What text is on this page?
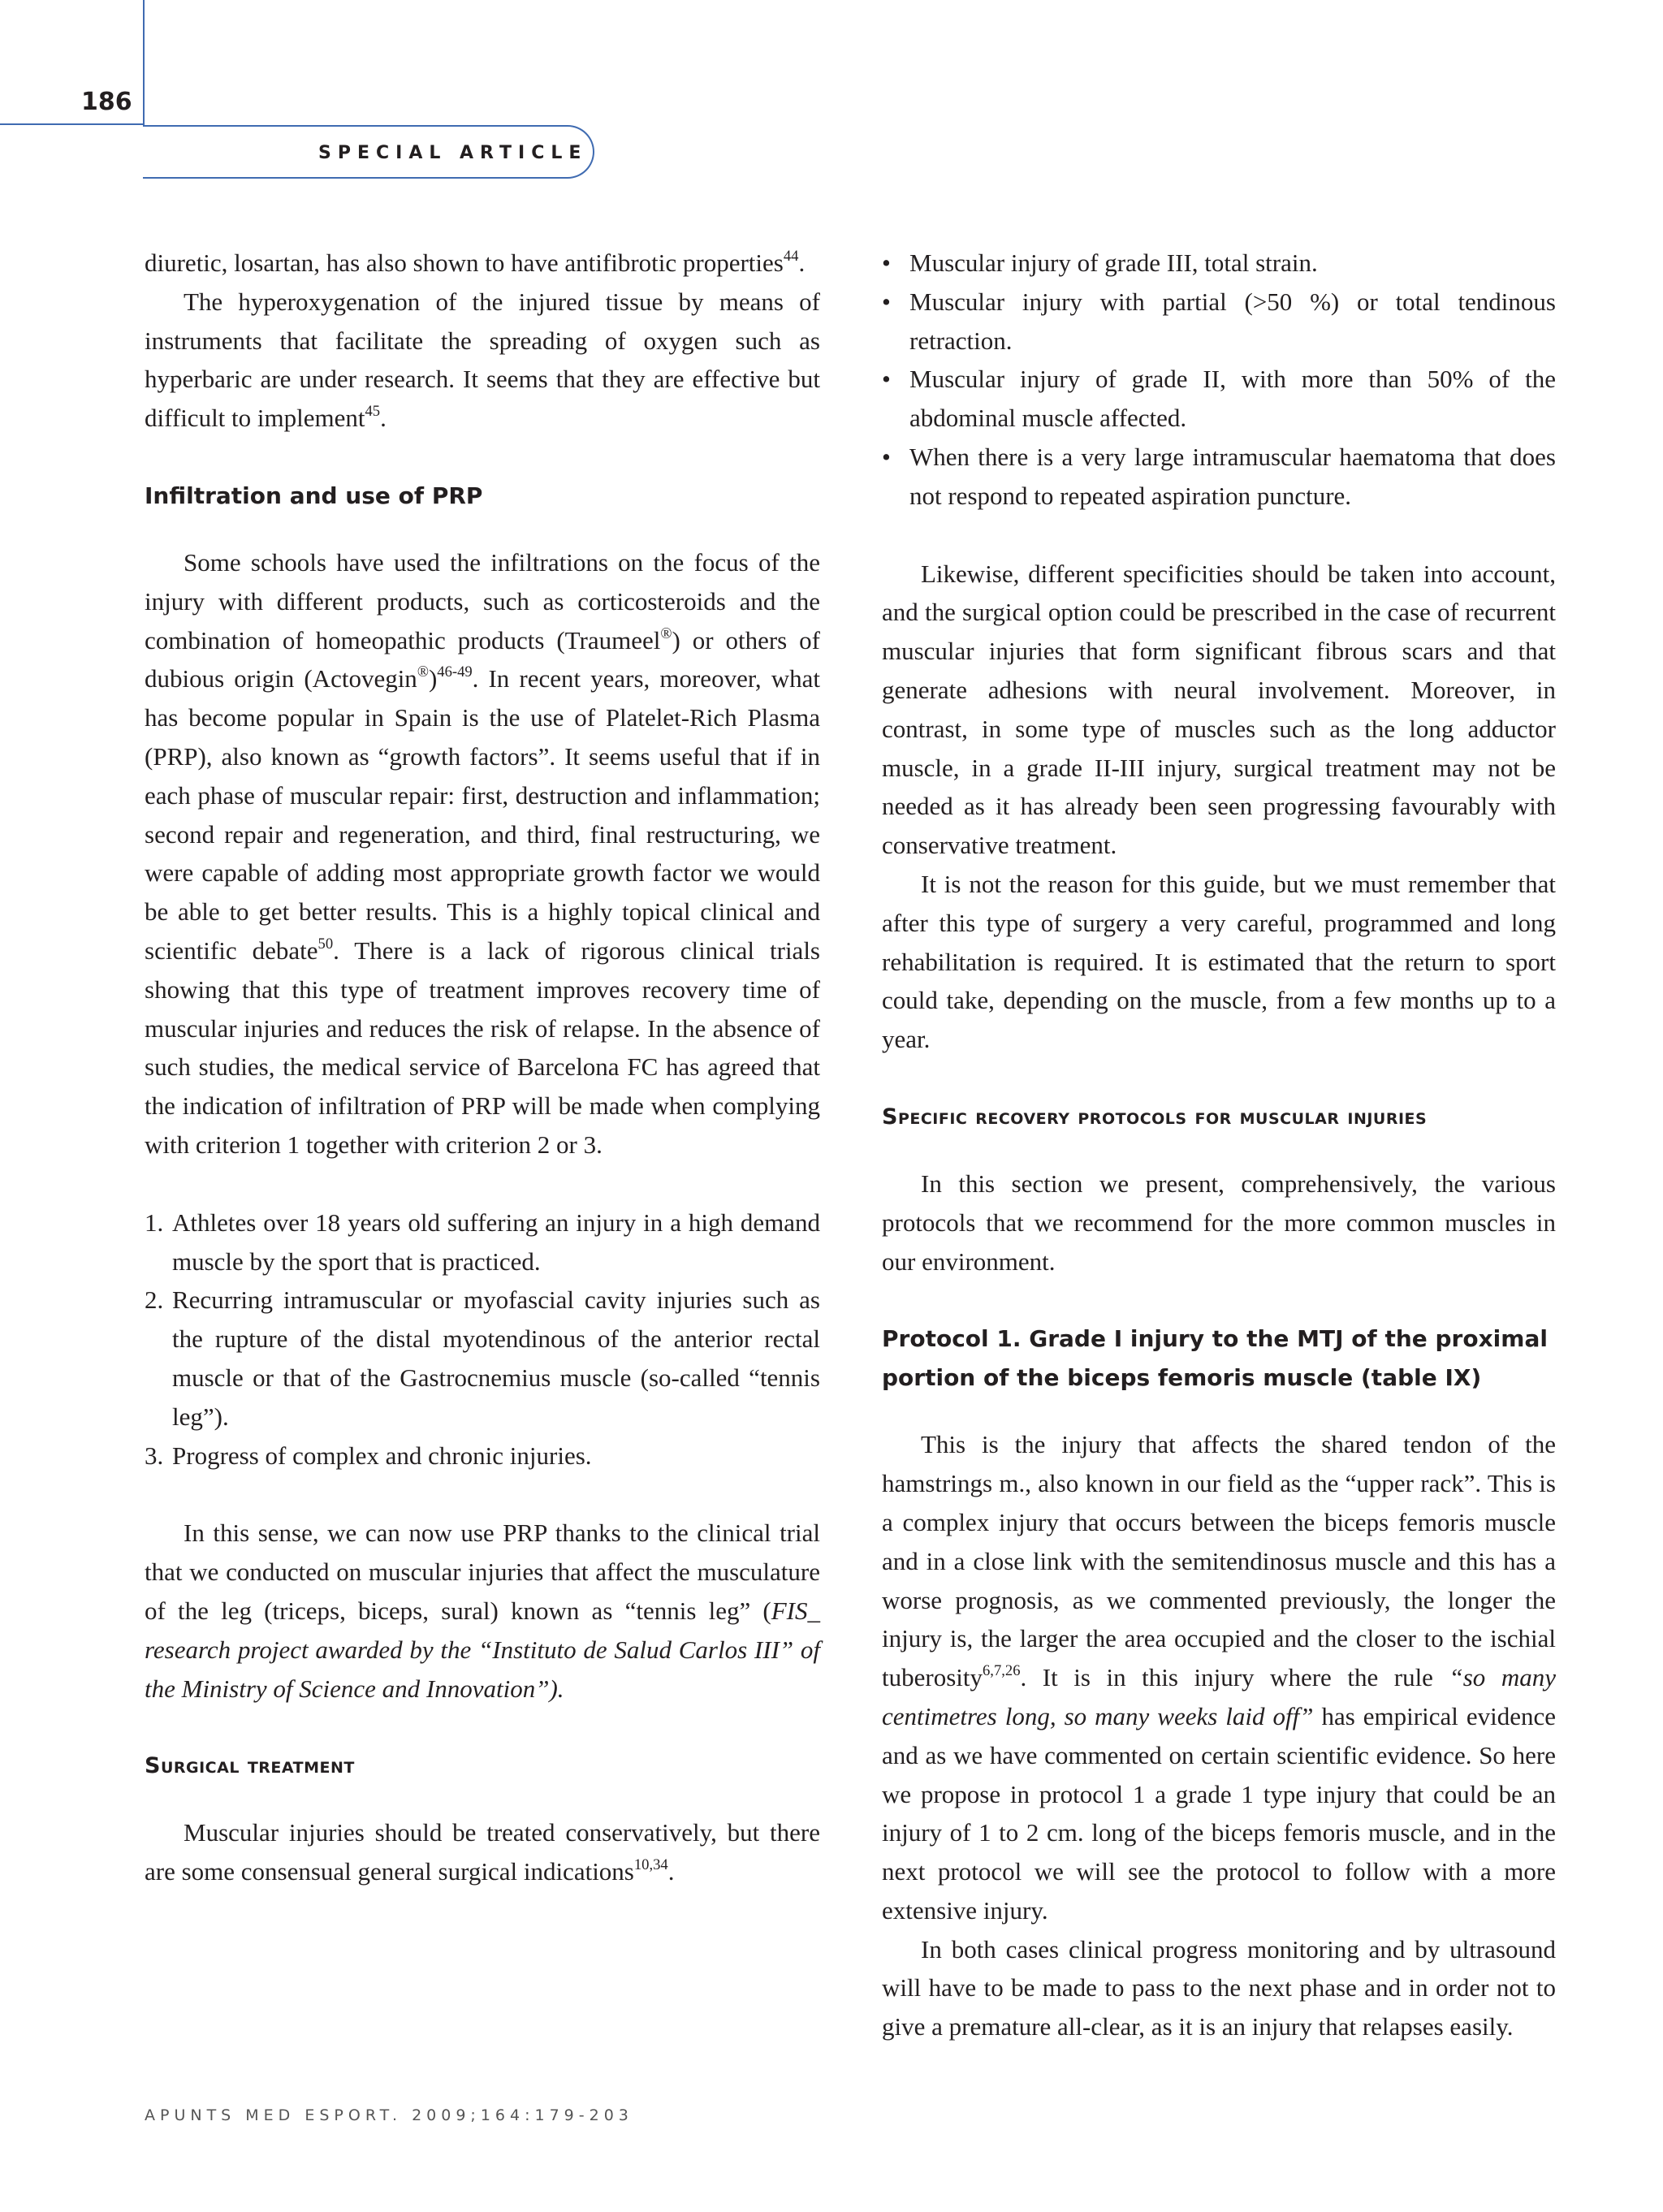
186
SPECIAL ARTICLE

diuretic, losartan, has also shown to have antifibrotic properties$^{44}$.

The hyperoxygenation of the injured tissue by means of instruments that facilitate the spreading of oxygen such as hyperbaric are under research. It seems that they are effective but difficult to implement$^{45}$.

Infiltration and use of PRP

Some schools have used the infiltrations on the focus of the injury with different products, such as corticosteroids and the combination of homeopathic products (Traumeel®) or others of dubious origin (Actovegin®)$^{46-49}$. In recent years, moreover, what has become popular in Spain is the use of Platelet-Rich Plasma (PRP), also known as “growth factors”. It seems useful that if in each phase of muscular repair: first, destruction and inflammation; second repair and regeneration, and third, final restructuring, we were capable of adding most appropriate growth factor we would be able to get better results. This is a highly topical clinical and scientific debate$^{50}$. There is a lack of rigorous clinical trials showing that this type of treatment improves recovery time of muscular injuries and reduces the risk of relapse. In the absence of such studies, the medical service of Barcelona FC has agreed that the indication of infiltration of PRP will be made when complying with criterion 1 together with criterion 2 or 3.

1. Athletes over 18 years old suffering an injury in a high demand muscle by the sport that is practiced.
2. Recurring intramuscular or myofascial cavity injuries such as the rupture of the distal myotendinous of the anterior rectal muscle or that of the Gastrocnemius muscle (so-called “tennis leg”).
3. Progress of complex and chronic injuries.

In this sense, we can now use PRP thanks to the clinical trial that we conducted on muscular injuries that affect the musculature of the leg (triceps, biceps, sural) known as “tennis leg” (FIS_ research project awarded by the “Instituto de Salud Carlos III” of the Ministry of Science and Innovation”).

Surgical treatment

Muscular injuries should be treated conservatively, but there are some consensual general surgical indications$^{10,34}$.

• Muscular injury of grade III, total strain.
• Muscular injury with partial (>50 %) or total tendinous retraction.
• Muscular injury of grade II, with more than 50% of the abdominal muscle affected.
• When there is a very large intramuscular haematoma that does not respond to repeated aspiration puncture.

Likewise, different specificities should be taken into account, and the surgical option could be prescribed in the case of recurrent muscular injuries that form significant fibrous scars and that generate adhesions with neural involvement. Moreover, in contrast, in some type of muscles such as the long adductor muscle, in a grade II-III injury, surgical treatment may not be needed as it has already been seen progressing favourably with conservative treatment.

It is not the reason for this guide, but we must remember that after this type of surgery a very careful, programmed and long rehabilitation is required. It is estimated that the return to sport could take, depending on the muscle, from a few months up to a year.

Specific recovery protocols for muscular injuries

In this section we present, comprehensively, the various protocols that we recommend for the more common muscles in our environment.

Protocol 1. Grade I injury to the MTJ of the proximal portion of the biceps femoris muscle (table IX)

This is the injury that affects the shared tendon of the hamstrings m., also known in our field as the “upper rack”. This is a complex injury that occurs between the biceps femoris muscle and in a close link with the semitendinosus muscle and this has a worse prognosis, as we commented previously, the longer the injury is, the larger the area occupied and the closer to the ischial tuberosity$^{6,7,26}$. It is in this injury where the rule “so many centimetres long, so many weeks laid off” has empirical evidence and as we have commented on certain scientific evidence. So here we propose in protocol 1 a grade 1 type injury that could be an injury of 1 to 2 cm. long of the biceps femoris muscle, and in the next protocol we will see the protocol to follow with a more extensive injury.

In both cases clinical progress monitoring and by ultrasound will have to be made to pass to the next phase and in order not to give a premature all-clear, as it is an injury that relapses easily.

APUNTS MED ESPORT. 2009;164:179-203
